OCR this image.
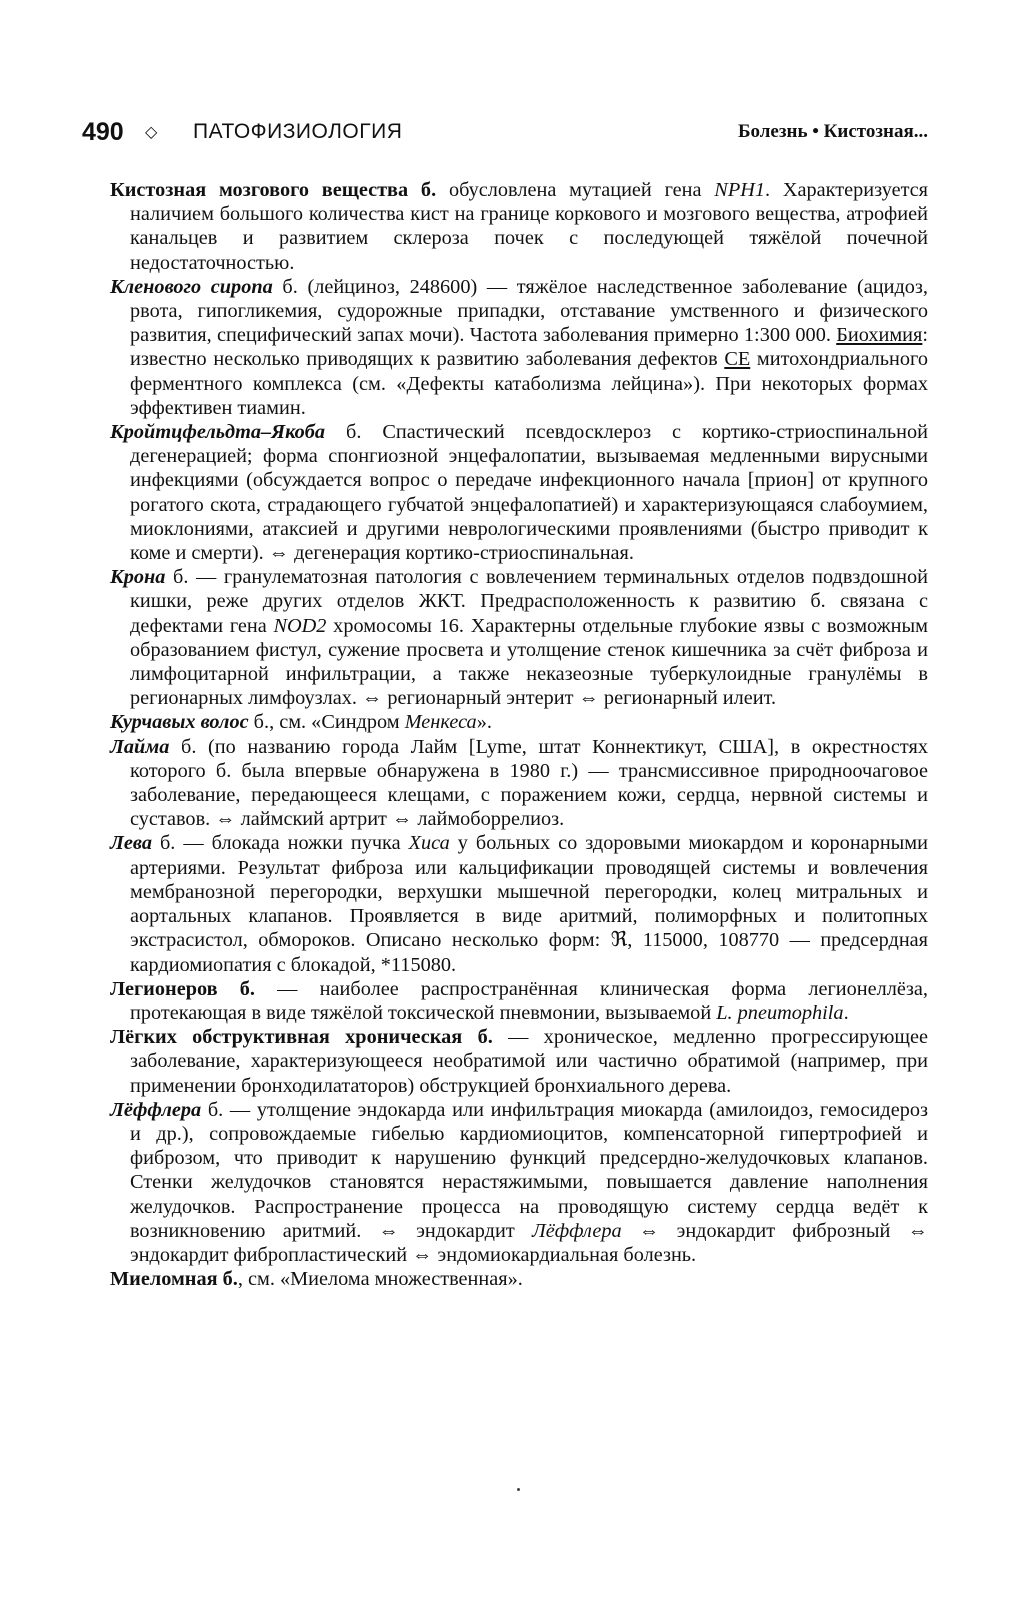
490 ◇ ПАТОФИЗИОЛОГИЯ	Болезнь • Кистозная...

Кистозная мозгового вещества б. обусловлена мутацией гена NPH1. Характеризуется наличием большого количества кист на границе коркового и мозгового вещества, атрофией канальцев и развитием склероза почек с последующей тяжёлой почечной недостаточностью.

Кленового сиропа б. (лейциноз, 248600) — тяжёлое наследственное заболевание (ацидоз, рвота, гипогликемия, судорожные припадки, отставание умственного и физического развития, специфический запах мочи). Частота заболевания примерно 1:300 000. Биохимия: известно несколько приводящих к развитию заболевания дефектов СЕ митохондриального ферментного комплекса (см. «Дефекты катаболизма лейцина»). При некоторых формах эффективен тиамин.

Кройтцфельдта–Якоба б. Спастический псевдосклероз с кортико-стриоспинальной дегенерацией; форма спонгиозной энцефалопатии, вызываемая медленными вирусными инфекциями (обсуждается вопрос о передаче инфекционного начала [прион] от крупного рогатого скота, страдающего губчатой энцефалопатией) и характеризующаяся слабоумием, миоклониями, атаксией и другими неврологическими проявлениями (быстро приводит к коме и смерти). ⇔ дегенерация кортико-стриоспинальная.

Крона б. — гранулематозная патология с вовлечением терминальных отделов подвздошной кишки, реже других отделов ЖКТ. Предрасположенность к развитию б. связана с дефектами гена NOD2 хромосомы 16. Характерны отдельные глубокие язвы с возможным образованием фистул, сужение просвета и утолщение стенок кишечника за счёт фиброза и лимфоцитарной инфильтрации, а также неказеозные туберкулоидные гранулёмы в регионарных лимфоузлах. ⇔ регионарный энтерит ⇔ регионарный илеит.

Курчавых волос б., см. «Синдром Менкеса».

Лайма б. (по названию города Лайм [Lyme, штат Коннектикут, США], в окрестностях которого б. была впервые обнаружена в 1980 г.) — трансмиссивное природноочаговое заболевание, передающееся клещами, с поражением кожи, сердца, нервной системы и суставов. ⇔ лаймский артрит ⇔ лаймоборрелиоз.

Лева б. — блокада ножки пучка Хиса у больных со здоровыми миокардом и коронарными артериями. Результат фиброза или кальцификации проводящей системы и вовлечения мембранозной перегородки, верхушки мышечной перегородки, колец митральных и аортальных клапанов. Проявляется в виде аритмий, полиморфных и политопных экстрасистол, обмороков. Описано несколько форм: ℜ, 115000, 108770 — предсердная кардиомиопатия с блокадой, *115080.

Легионеров б. — наиболее распространённая клиническая форма легионеллёза, протекающая в виде тяжёлой токсической пневмонии, вызываемой L. pneumophila.

Лёгких обструктивная хроническая б. — хроническое, медленно прогрессирующее заболевание, характеризующееся необратимой или частично обратимой (например, при применении бронходилататоров) обструкцией бронхиального дерева.

Лёффлера б. — утолщение эндокарда или инфильтрация миокарда (амилоидоз, гемосидероз и др.), сопровождаемые гибелью кардиомиоцитов, компенсаторной гипертрофией и фиброзом, что приводит к нарушению функций предсердно-желудочковых клапанов. Стенки желудочков становятся нерастяжимыми, повышается давление наполнения желудочков. Распространение процесса на проводящую систему сердца ведёт к возникновению аритмий. ⇔ эндокардит Лёффлера ⇔ эндокардит фиброзный ⇔ эндокардит фибропластический ⇔ эндомиокардиальная болезнь.

Миеломная б., см. «Миелома множественная».
